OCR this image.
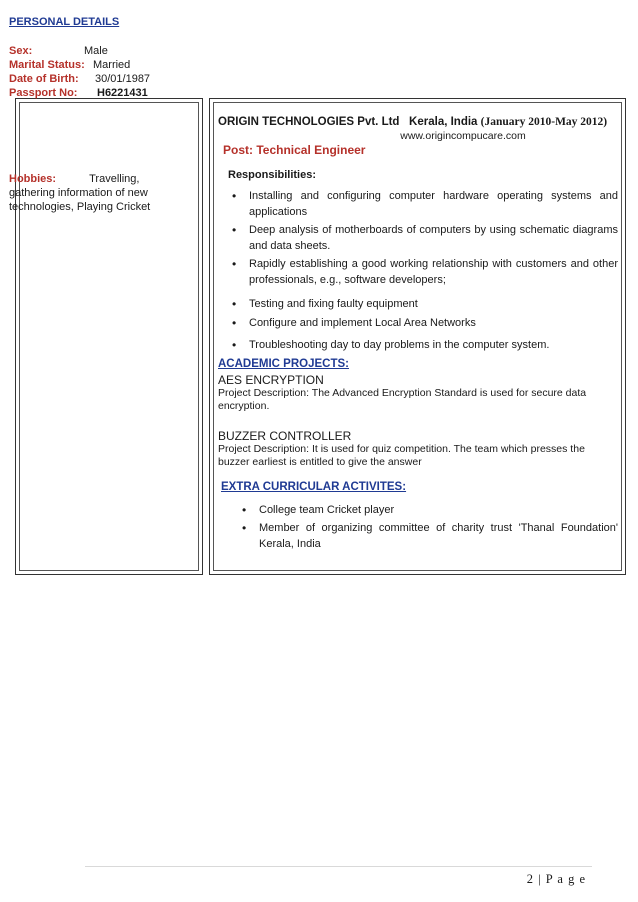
PERSONAL DETAILS
Sex:	Male
Marital Status: Married
Date of Birth: 30/01/1987
Passport No: H6221431
Hobbies:	Travelling, gathering information of new technologies, Playing Cricket
ORIGIN TECHNOLOGIES Pvt. Ltd Kerala, India (January 2010-May 2012)
www.origincompucare.com
Post: Technical Engineer
Responsibilities:
• Installing and configuring computer hardware operating systems and applications
• Deep analysis of motherboards of computers by using schematic diagrams and data sheets.
• Rapidly establishing a good working relationship with customers and other professionals, e.g., software developers;
• Testing and fixing faulty equipment
• Configure and implement Local Area Networks
• Troubleshooting day to day problems in the computer system.
ACADEMIC PROJECTS:
AES ENCRYPTION
Project Description: The Advanced Encryption Standard is used for secure data encryption.
BUZZER CONTROLLER
Project Description: It is used for quiz competition. The team which presses the buzzer earliest is entitled to give the answer
EXTRA CURRICULAR ACTIVITES:
• College team Cricket player
• Member of organizing committee of charity trust 'Thanal Foundation' Kerala, India
2 | P a g e
